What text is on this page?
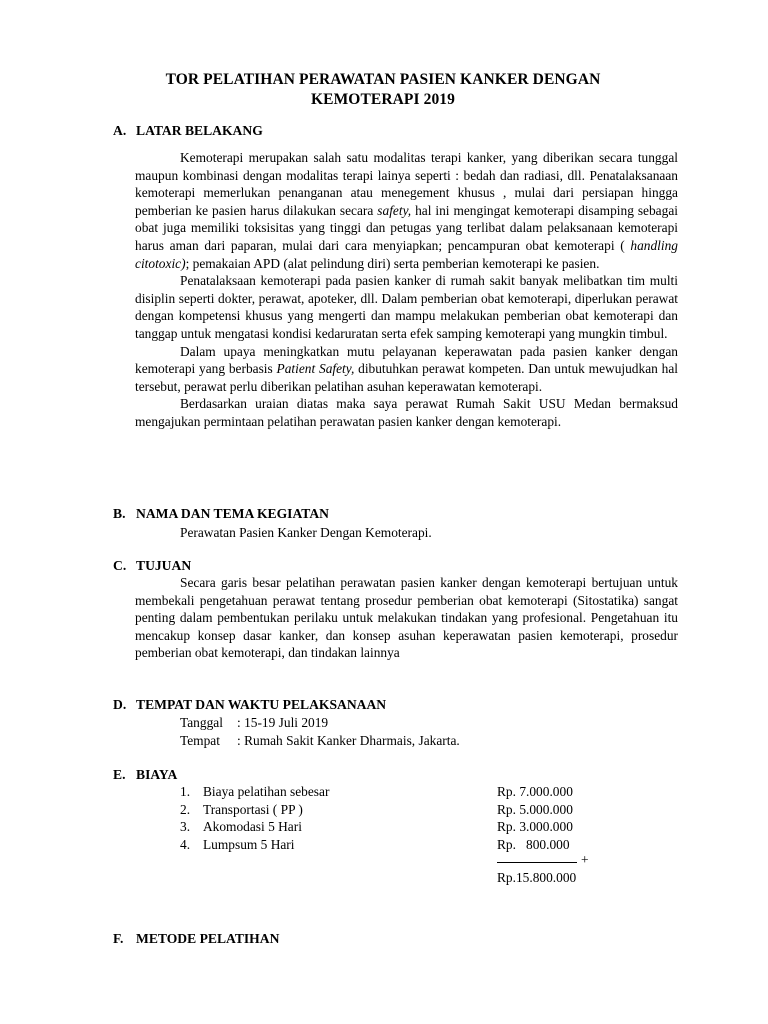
TOR PELATIHAN PERAWATAN PASIEN KANKER DENGAN
KEMOTERAPI 2019
A. LATAR BELAKANG

Kemoterapi merupakan salah satu modalitas terapi kanker, yang diberikan secara tunggal maupun kombinasi dengan modalitas terapi lainya seperti : bedah dan radiasi, dll. Penatalaksanaan kemoterapi memerlukan penanganan atau menegement khusus , mulai dari persiapan hingga pemberian ke pasien harus dilakukan secara safety, hal ini mengingat kemoterapi disamping sebagai obat juga memiliki toksisitas yang tinggi dan petugas yang terlibat dalam pelaksanaan kemoterapi harus aman dari paparan, mulai dari cara menyiapkan; pencampuran obat kemoterapi ( handling citotoxic); pemakaian APD (alat pelindung diri) serta pemberian kemoterapi ke pasien.

Penatalaksaan kemoterapi pada pasien kanker di rumah sakit banyak melibatkan tim multi disiplin seperti dokter, perawat, apoteker, dll. Dalam pemberian obat kemoterapi, diperlukan perawat dengan kompetensi khusus yang mengerti dan mampu melakukan pemberian obat kemoterapi dan tanggap untuk mengatasi kondisi kedaruratan serta efek samping kemoterapi yang mungkin timbul.

Dalam upaya meningkatkan mutu pelayanan keperawatan pada pasien kanker dengan kemoterapi yang berbasis Patient Safety, dibutuhkan perawat kompeten. Dan untuk mewujudkan hal tersebut, perawat perlu diberikan pelatihan asuhan keperawatan kemoterapi.

Berdasarkan uraian diatas maka saya perawat Rumah Sakit USU Medan bermaksud mengajukan permintaan pelatihan perawatan pasien kanker dengan kemoterapi.

B. NAMA DAN TEMA KEGIATAN
Perawatan Pasien Kanker Dengan Kemoterapi.
C. TUJUAN

Secara garis besar pelatihan perawatan pasien kanker dengan kemoterapi bertujuan untuk membekali pengetahuan perawat tentang prosedur pemberian obat kemoterapi (Sitostatika) sangat penting dalam pembentukan perilaku untuk melakukan tindakan yang profesional. Pengetahuan itu mencakup konsep dasar kanker, dan konsep asuhan keperawatan pasien kemoterapi, prosedur pemberian obat kemoterapi, dan tindakan lainnya

D. TEMPAT DAN WAKTU PELAKSANAAN
Tanggal : 15-19 Juli 2019
Tempat : Rumah Sakit Kanker Dharmais, Jakarta.
E. BIAYA
1. Biaya pelatihan sebesar	Rp. 7.000.000
2. Transportasi ( PP )	Rp. 5.000.000
3. Akomodasi 5 Hari	Rp. 3.000.000
4. Lumpsum 5 Hari	Rp.   800.000
+
Rp.15.800.000
F. METODE PELATIHAN
